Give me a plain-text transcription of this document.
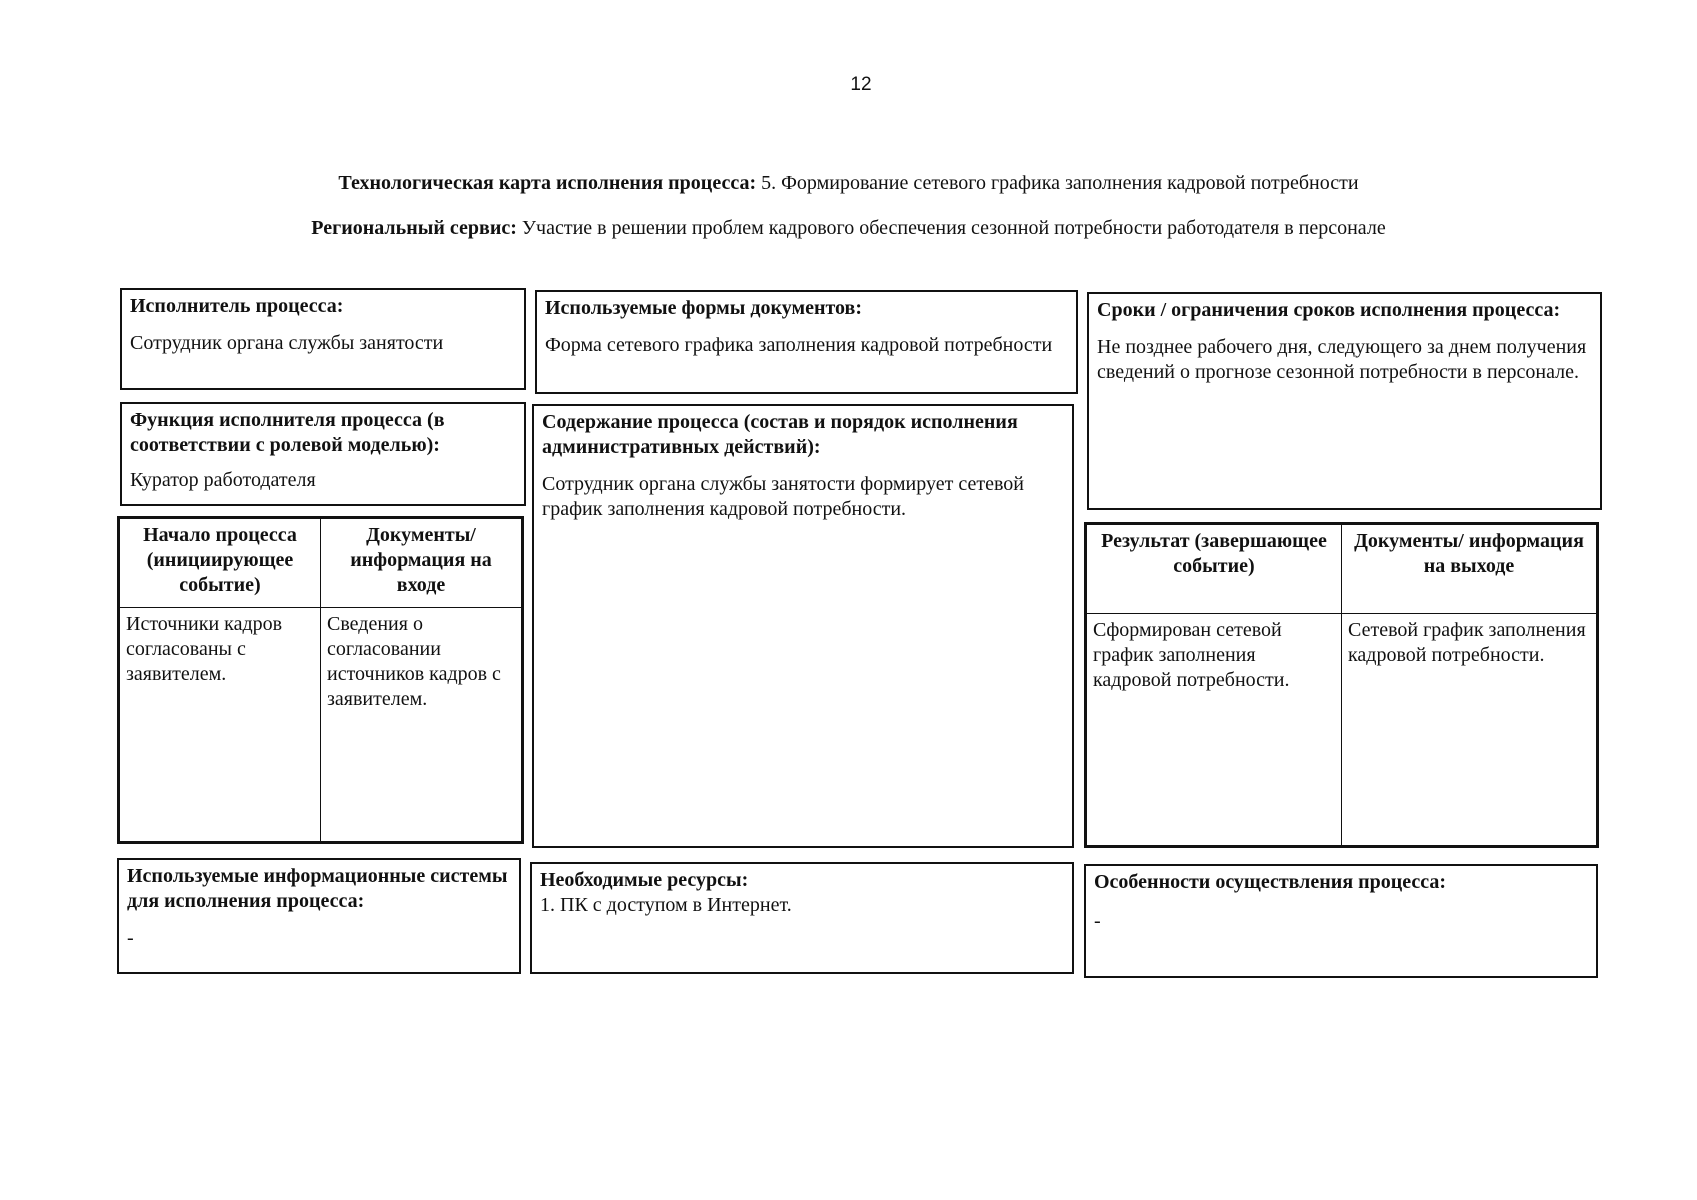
12
Технологическая карта исполнения процесса: 5. Формирование сетевого графика заполнения кадровой потребности
Региональный сервис: Участие в решении проблем кадрового обеспечения сезонной потребности работодателя в персонале
Исполнитель процесса:
Сотрудник органа службы занятости
Функция исполнителя процесса (в соответствии с ролевой моделью):
Куратор работодателя
Начало процесса (инициирующее событие)	Документы/ информация на входе
Источники кадров согласованы с заявителем.	Сведения о согласовании источников кадров с заявителем.
Используемые формы документов:
Форма сетевого графика заполнения кадровой потребности
Содержание процесса (состав и порядок исполнения административных действий):
Сотрудник органа службы занятости формирует сетевой график заполнения кадровой потребности.
Сроки / ограничения сроков исполнения процесса:
Не позднее рабочего дня, следующего за днем получения сведений о прогнозе сезонной потребности в персонале.
Результат (завершающее событие)	Документы/ информация на выходе
Сформирован сетевой график заполнения кадровой потребности.	Сетевой график заполнения кадровой потребности.
Используемые информационные системы для исполнения процесса:
-
Необходимые ресурсы:
1. ПК с доступом в Интернет.
Особенности осуществления процесса:
-
